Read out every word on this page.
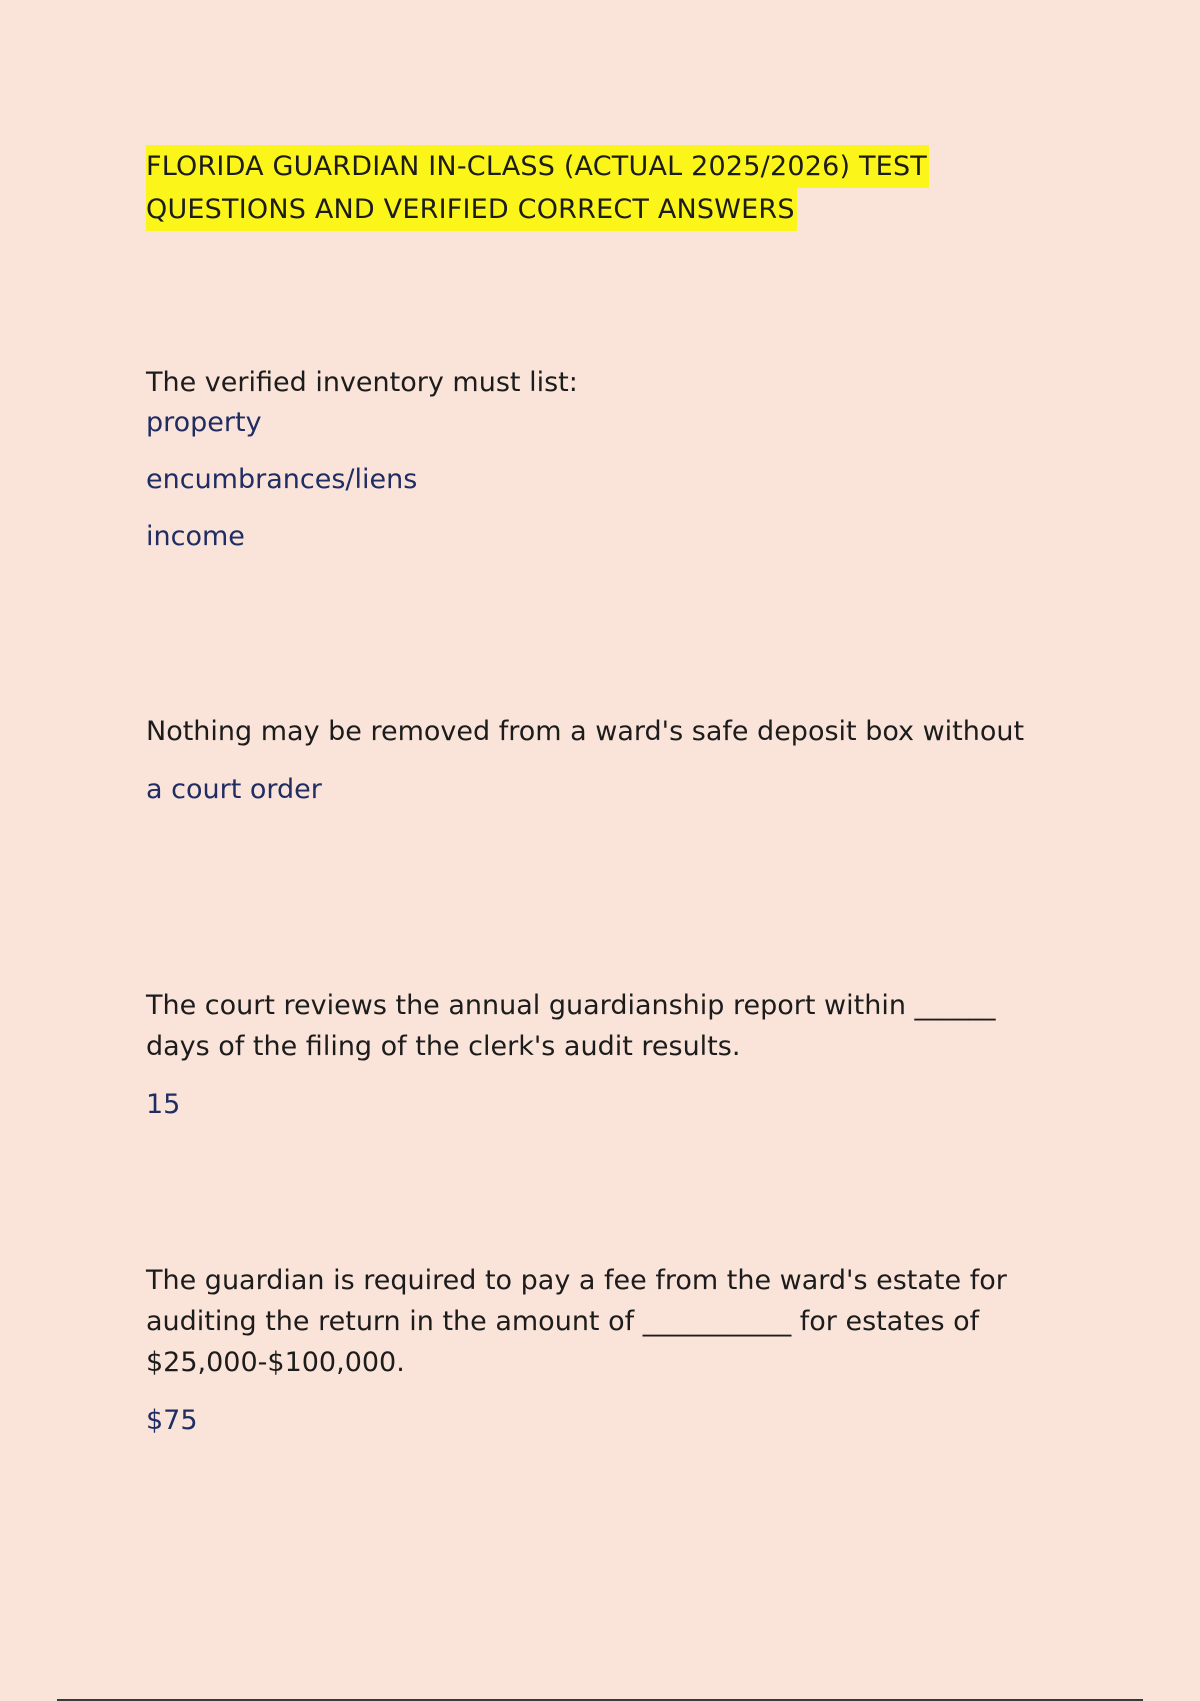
FLORIDA GUARDIAN IN-CLASS (ACTUAL 2025/2026) TEST
QUESTIONS AND VERIFIED CORRECT ANSWERS

The verified inventory must list:

property

encumbrances/liens

income

Nothing may be removed from a ward's safe deposit box without

a court order

The court reviews the annual guardianship report within ______ days of the filing of the clerk's audit results.

15

The guardian is required to pay a fee from the ward's estate for auditing the return in the amount of ___________ for estates of $25,000-$100,000.

$75
